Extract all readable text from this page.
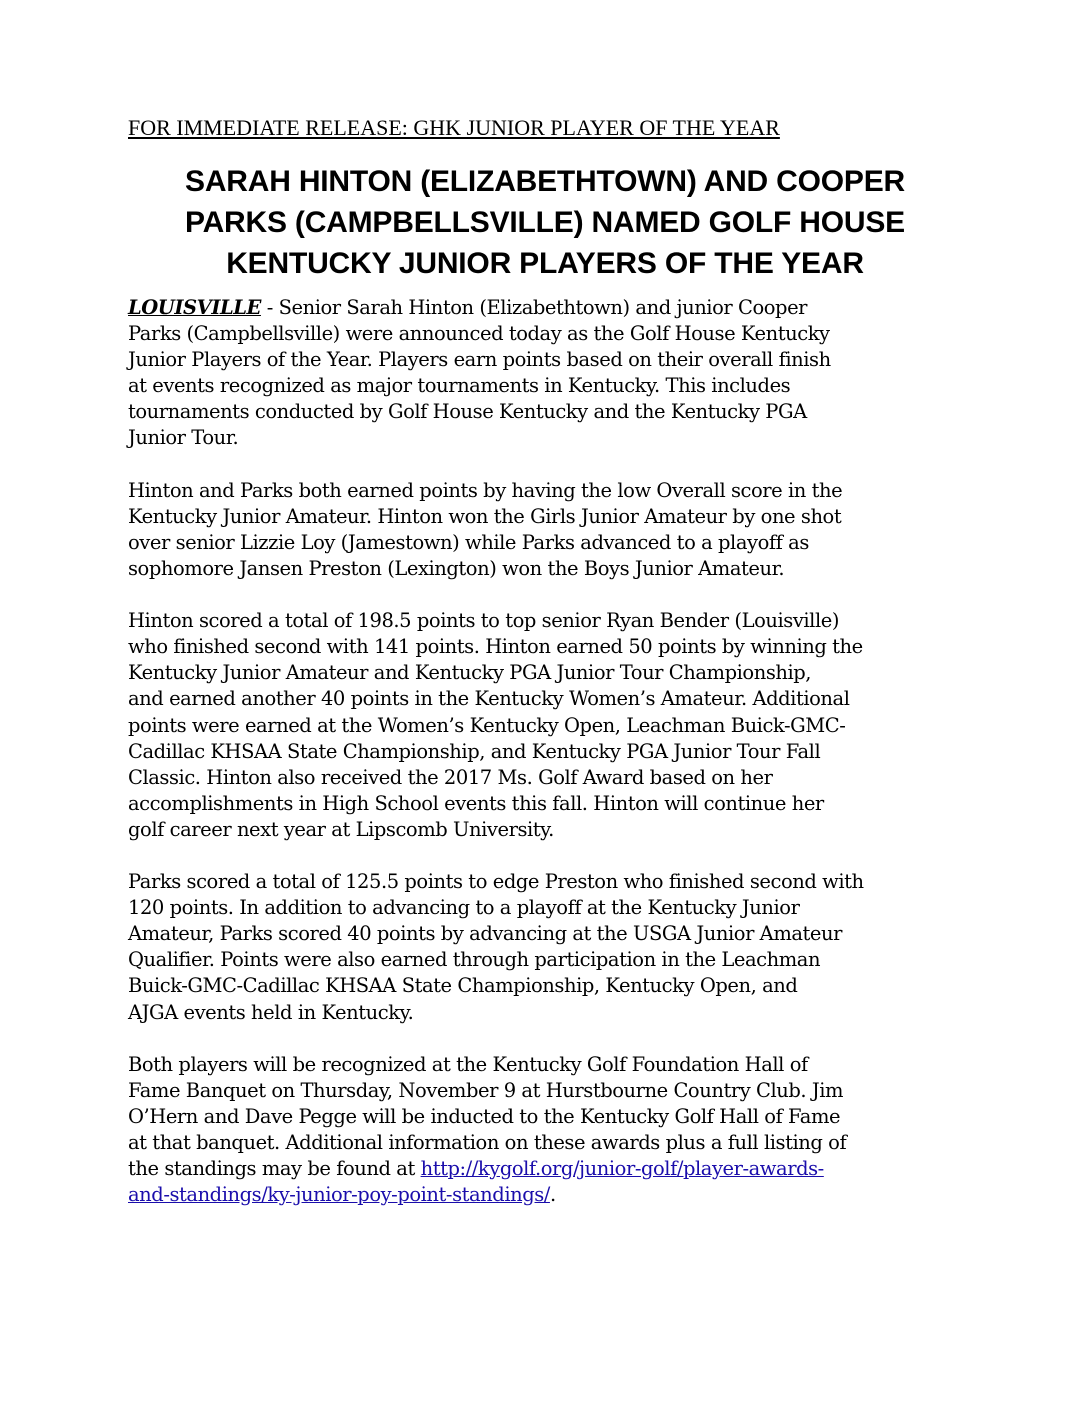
FOR IMMEDIATE RELEASE: GHK JUNIOR PLAYER OF THE YEAR
SARAH HINTON (ELIZABETHTOWN) AND COOPER
PARKS (CAMPBELLSVILLE) NAMED GOLF HOUSE
KENTUCKY JUNIOR PLAYERS OF THE YEAR

LOUISVILLE - Senior Sarah Hinton (Elizabethtown) and junior Cooper
Parks (Campbellsville) were announced today as the Golf House Kentucky
Junior Players of the Year. Players earn points based on their overall finish
at events recognized as major tournaments in Kentucky. This includes
tournaments conducted by Golf House Kentucky and the Kentucky PGA
Junior Tour.

Hinton and Parks both earned points by having the low Overall score in the
Kentucky Junior Amateur. Hinton won the Girls Junior Amateur by one shot
over senior Lizzie Loy (Jamestown) while Parks advanced to a playoff as
sophomore Jansen Preston (Lexington) won the Boys Junior Amateur.

Hinton scored a total of 198.5 points to top senior Ryan Bender (Louisville)
who finished second with 141 points. Hinton earned 50 points by winning the
Kentucky Junior Amateur and Kentucky PGA Junior Tour Championship,
and earned another 40 points in the Kentucky Women’s Amateur. Additional
points were earned at the Women’s Kentucky Open, Leachman Buick-GMC-
Cadillac KHSAA State Championship, and Kentucky PGA Junior Tour Fall
Classic. Hinton also received the 2017 Ms. Golf Award based on her
accomplishments in High School events this fall. Hinton will continue her
golf career next year at Lipscomb University.

Parks scored a total of 125.5 points to edge Preston who finished second with
120 points. In addition to advancing to a playoff at the Kentucky Junior
Amateur, Parks scored 40 points by advancing at the USGA Junior Amateur
Qualifier. Points were also earned through participation in the Leachman
Buick-GMC-Cadillac KHSAA State Championship, Kentucky Open, and
AJGA events held in Kentucky.

Both players will be recognized at the Kentucky Golf Foundation Hall of
Fame Banquet on Thursday, November 9 at Hurstbourne Country Club. Jim
O’Hern and Dave Pegge will be inducted to the Kentucky Golf Hall of Fame
at that banquet. Additional information on these awards plus a full listing of
the standings may be found at http://kygolf.org/junior-golf/player-awards-
and-standings/ky-junior-poy-point-standings/.
